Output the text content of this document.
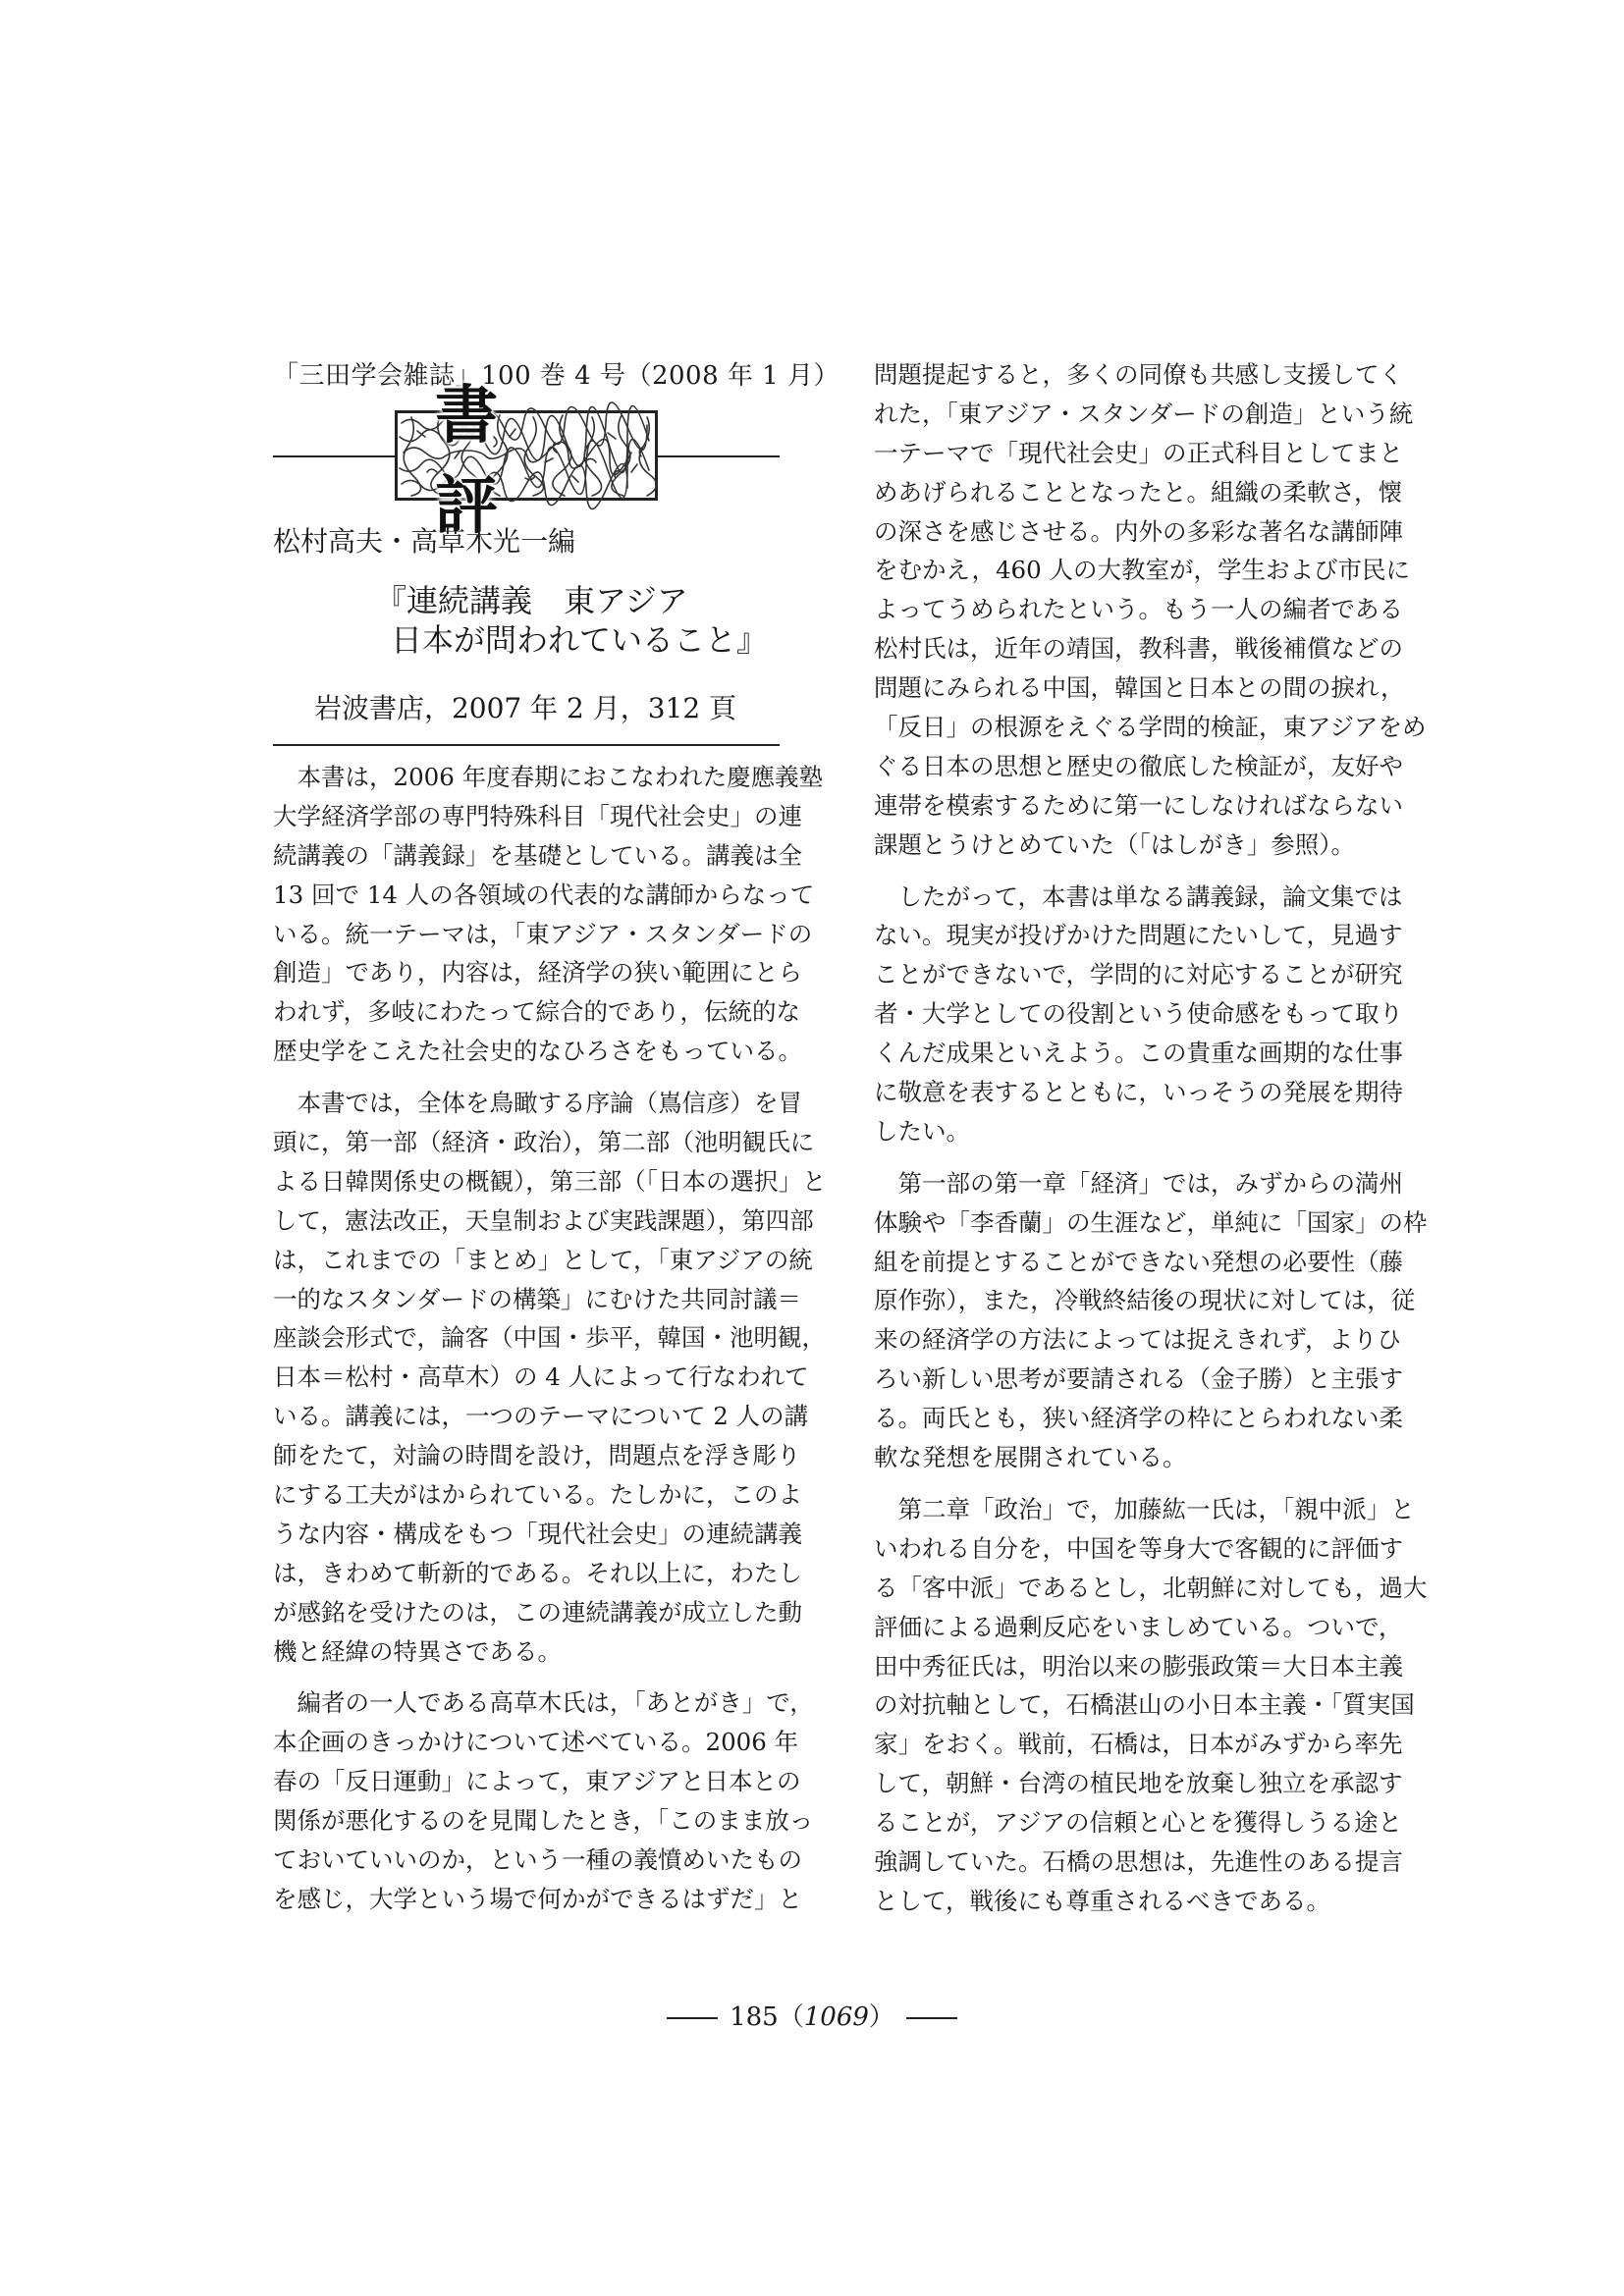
「三田学会雑誌」100 巻 4 号（2008 年 1 月）
書　評
松村高夫・高草木光一編
『連続講義　東アジア
日本が問われていること』
岩波書店，2007 年 2 月，312 頁
　本書は，2006 年度春期におこなわれた慶應義塾
大学経済学部の専門特殊科目「現代社会史」の連
続講義の「講義録」を基礎としている。講義は全
13 回で 14 人の各領域の代表的な講師からなって
いる。統一テーマは，「東アジア・スタンダードの
創造」であり，内容は，経済学の狭い範囲にとら
われず，多岐にわたって綜合的であり，伝統的な
歴史学をこえた社会史的なひろさをもっている。
　本書では，全体を鳥瞰する序論（嶌信彦）を冒
頭に，第一部（経済・政治），第二部（池明観氏に
よる日韓関係史の概観），第三部（「日本の選択」と
して，憲法改正，天皇制および実践課題），第四部
は，これまでの「まとめ」として，「東アジアの統
一的なスタンダードの構築」にむけた共同討議＝
座談会形式で，論客（中国・歩平，韓国・池明観，
日本＝松村・高草木）の 4 人によって行なわれて
いる。講義には，一つのテーマについて 2 人の講
師をたて，対論の時間を設け，問題点を浮き彫り
にする工夫がはかられている。たしかに，このよ
うな内容・構成をもつ「現代社会史」の連続講義
は，きわめて斬新的である。それ以上に，わたし
が感銘を受けたのは，この連続講義が成立した動
機と経緯の特異さである。
　編者の一人である高草木氏は，「あとがき」で，
本企画のきっかけについて述べている。2006 年
春の「反日運動」によって，東アジアと日本との
関係が悪化するのを見聞したとき，「このまま放っ
ておいていいのか，という一種の義憤めいたもの
を感じ，大学という場で何かができるはずだ」と
問題提起すると，多くの同僚も共感し支援してく
れた，「東アジア・スタンダードの創造」という統
一テーマで「現代社会史」の正式科目としてまと
めあげられることとなったと。組織の柔軟さ，懐
の深さを感じさせる。内外の多彩な著名な講師陣
をむかえ，460 人の大教室が，学生および市民に
よってうめられたという。もう一人の編者である
松村氏は，近年の靖国，教科書，戦後補償などの
問題にみられる中国，韓国と日本との間の捩れ，
「反日」の根源をえぐる学問的検証，東アジアをめ
ぐる日本の思想と歴史の徹底した検証が，友好や
連帯を模索するために第一にしなければならない
課題とうけとめていた（「はしがき」参照）。
　したがって，本書は単なる講義録，論文集では
ない。現実が投げかけた問題にたいして，見過す
ことができないで，学問的に対応することが研究
者・大学としての役割という使命感をもって取り
くんだ成果といえよう。この貴重な画期的な仕事
に敬意を表するとともに，いっそうの発展を期待
したい。
　第一部の第一章「経済」では，みずからの満州
体験や「李香蘭」の生涯など，単純に「国家」の枠
組を前提とすることができない発想の必要性（藤
原作弥），また，冷戦終結後の現状に対しては，従
来の経済学の方法によっては捉えきれず，よりひ
ろい新しい思考が要請される（金子勝）と主張す
る。両氏とも，狭い経済学の枠にとらわれない柔
軟な発想を展開されている。
　第二章「政治」で，加藤紘一氏は，「親中派」と
いわれる自分を，中国を等身大で客観的に評価す
る「客中派」であるとし，北朝鮮に対しても，過大
評価による過剰反応をいましめている。ついで，
田中秀征氏は，明治以来の膨張政策＝大日本主義
の対抗軸として，石橋湛山の小日本主義・「質実国
家」をおく。戦前，石橋は，日本がみずから率先
して，朝鮮・台湾の植民地を放棄し独立を承認す
ることが，アジアの信頼と心とを獲得しうる途と
強調していた。石橋の思想は，先進性のある提言
として，戦後にも尊重されるべきである。
185（1069）
